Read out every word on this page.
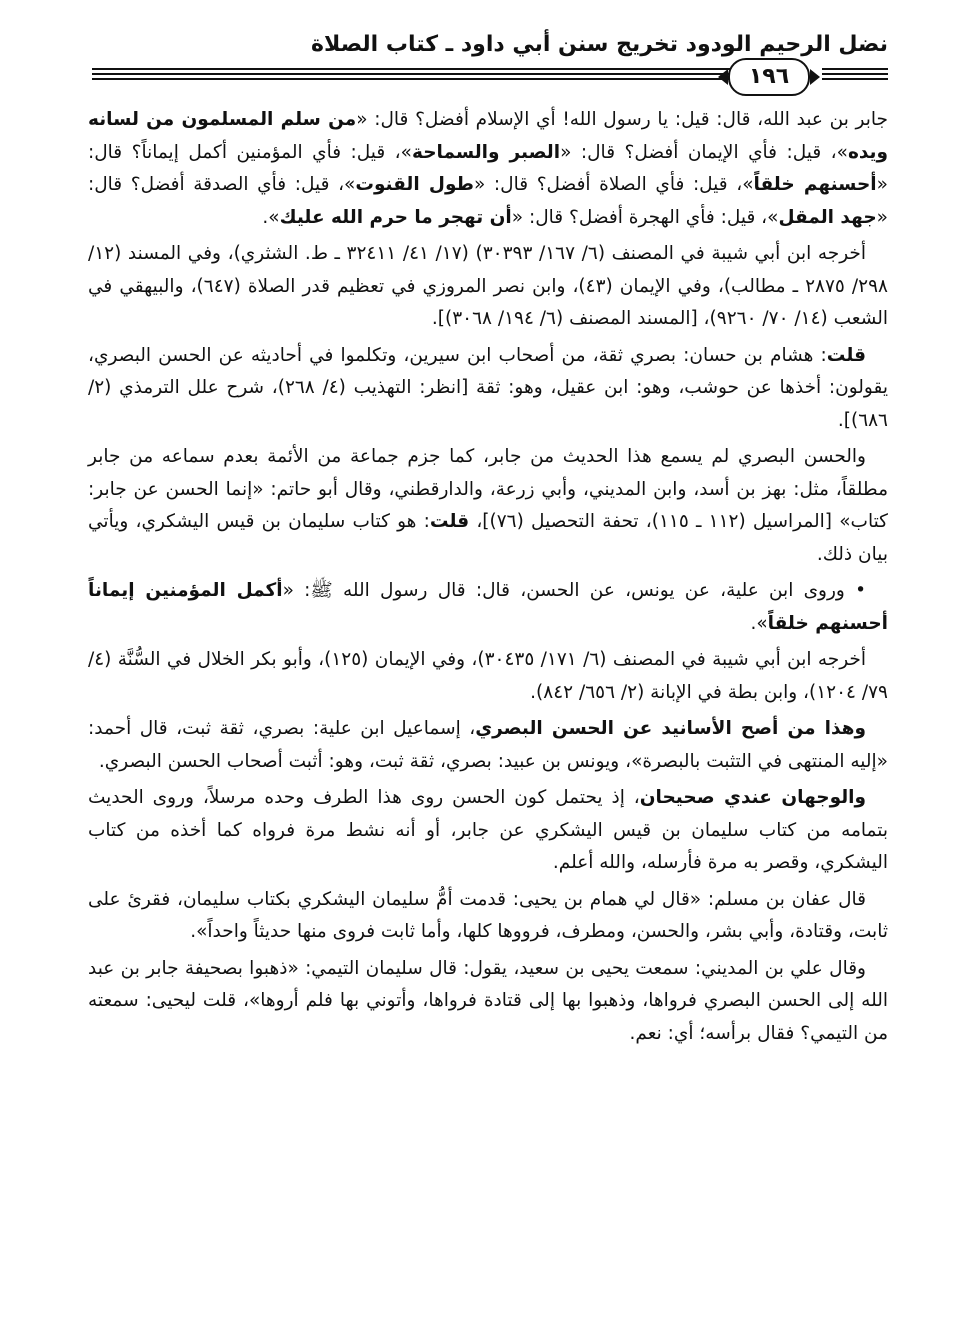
نضل الرحيم الودود تخريج سنن أبي داود ـ كتاب الصلاة
١٩٦

جابر بن عبد الله، قال: قيل: يا رسول الله! أي الإسلام أفضل؟ قال: «من سلم المسلمون من لسانه ويده»، قيل: فأي الإيمان أفضل؟ قال: «الصبر والسماحة»، قيل: فأي المؤمنين أكمل إيماناً؟ قال: «أحسنهم خلقاً»، قيل: فأي الصلاة أفضل؟ قال: «طول القنوت»، قيل: فأي الصدقة أفضل؟ قال: «جهد المقل»، قيل: فأي الهجرة أفضل؟ قال: «أن تهجر ما حرم الله عليك».

أخرجه ابن أبي شيبة في المصنف (٦/ ١٦٧/ ٣٠٣٩٣) (١٧/ ٤١/ ٣٢٤١١ ـ ط. الشثري)، وفي المسند (١٢/ ٢٩٨/ ٢٨٧٥ ـ مطالب)، وفي الإيمان (٤٣)، وابن نصر المروزي في تعظيم قدر الصلاة (٦٤٧)، والبيهقي في الشعب (١٤/ ٧٠/ ٩٢٦٠)، [المسند المصنف (٦/ ١٩٤/ ٣٠٦٨)].

قلت: هشام بن حسان: بصري ثقة، من أصحاب ابن سيرين، وتكلموا في أحاديثه عن الحسن البصري، يقولون: أخذها عن حوشب، وهو: ابن عقيل، وهو: ثقة [انظر: التهذيب (٤/ ٢٦٨)، شرح علل الترمذي (٢/ ٦٨٦)].

والحسن البصري لم يسمع هذا الحديث من جابر، كما جزم جماعة من الأئمة بعدم سماعه من جابر مطلقاً، مثل: بهز بن أسد، وابن المديني، وأبي زرعة، والدارقطني، وقال أبو حاتم: «إنما الحسن عن جابر: كتاب» [المراسيل (١١٢ ـ ١١٥)، تحفة التحصيل (٧٦)]، قلت: هو كتاب سليمان بن قيس اليشكري، ويأتي بيان ذلك.

• وروى ابن علية، عن يونس، عن الحسن، قال: قال رسول الله ﷺ: «أكمل المؤمنين إيماناً أحسنهم خلقاً».

أخرجه ابن أبي شيبة في المصنف (٦/ ١٧١/ ٣٠٤٣٥)، وفي الإيمان (١٢٥)، وأبو بكر الخلال في السُّنَّة (٤/ ٧٩/ ١٢٠٤)، وابن بطة في الإبانة (٢/ ٦٥٦/ ٨٤٢).

وهذا من أصح الأسانيد عن الحسن البصري، إسماعيل ابن علية: بصري، ثقة ثبت، قال أحمد: «إليه المنتهى في التثبت بالبصرة»، ويونس بن عبيد: بصري، ثقة ثبت، وهو: أثبت أصحاب الحسن البصري.

والوجهان عندي صحيحان، إذ يحتمل كون الحسن روى هذا الطرف وحده مرسلاً، وروى الحديث بتمامه من كتاب سليمان بن قيس اليشكري عن جابر، أو أنه نشط مرة فرواه كما أخذه من كتاب اليشكري، وقصر به مرة فأرسله، والله أعلم.

قال عفان بن مسلم: «قال لي همام بن يحيى: قدمت أمُّ سليمان اليشكري بكتاب سليمان، فقرئ على ثابت، وقتادة، وأبي بشر، والحسن، ومطرف، فرووها كلها، وأما ثابت فروى منها حديثاً واحداً».

وقال علي بن المديني: سمعت يحيى بن سعيد، يقول: قال سليمان التيمي: «ذهبوا بصحيفة جابر بن عبد الله إلى الحسن البصري فرواها، وذهبوا بها إلى قتادة فرواها، وأتوني بها فلم أروها»، قلت ليحيى: سمعته من التيمي؟ فقال برأسه؛ أي: نعم.
